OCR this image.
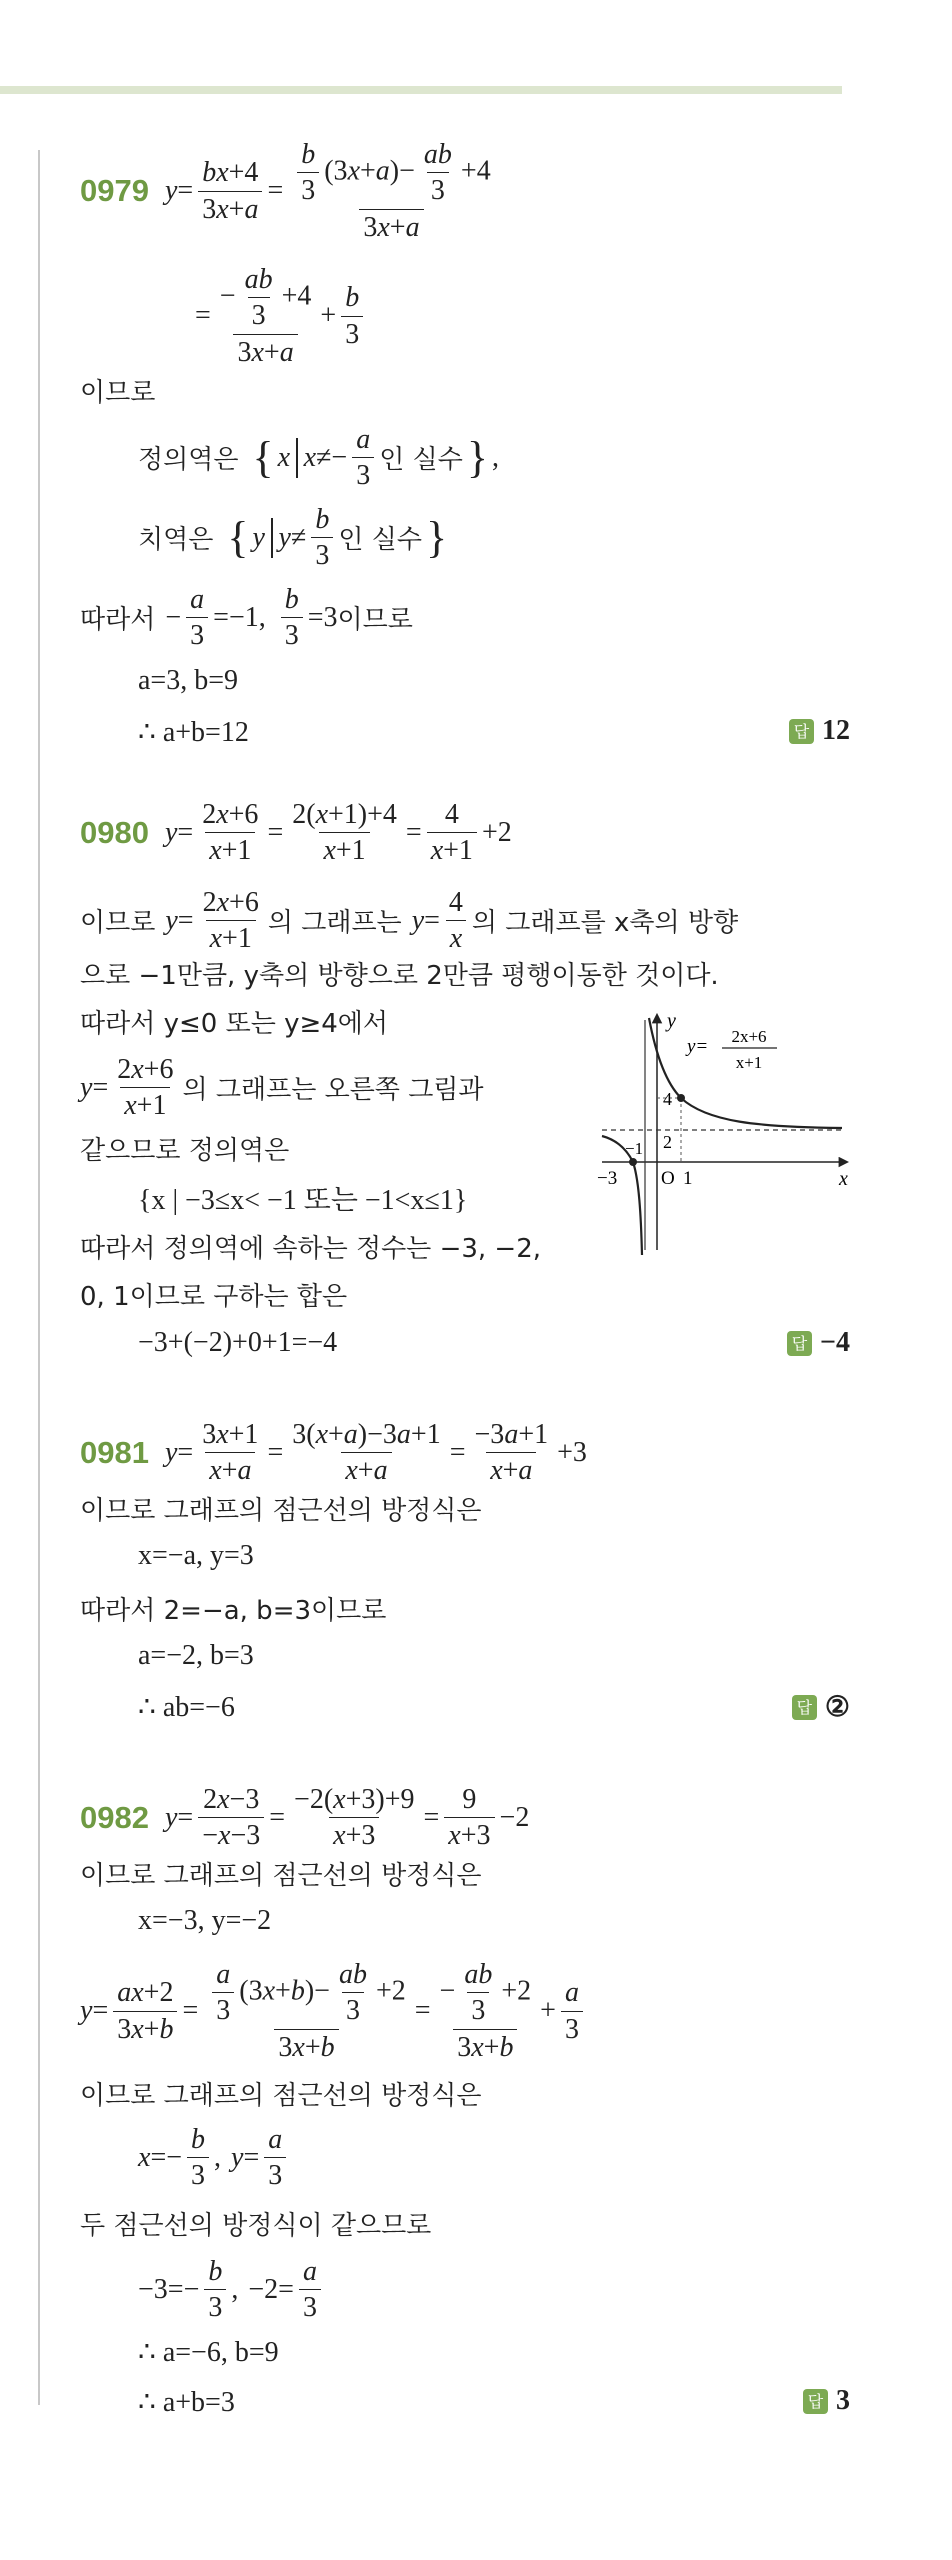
0979 y =
bx+4
3x+a
= $\frac{b}{3} (3x+a)- \frac{ab}{3} +4$
3x+a
=
− $\frac{ab}{3} +4$
3x+a
+
b
3
이므로
정의역은 { x x ≠−
a
3 인 실수 } ,
치역은 { y y ≠
b
3 인 실수 }
따라서 −
a
3
=−1,
b
3
=3 이므로
a=3, b=9
∴ a+b=12	답 12
0980 y =
2x+6
x+1
=
2(x+1)+4
x+1
=
4
x+1
+2
이므로 y =
2x+6
x+1 의 그래프는 y =
4
x 의 그래프를 x축의 방향
으로 −1만큼, y축의 방향으로 2만큼 평행이동한 것이다.
따라서 y≤0 또는 y≥4에서
y =
2x+6
x+1 의 그래프는 오른쪽 그림과
같으므로 정의역은
{x | −3≤x< −1 또는 −1<x≤1}
따라서 정의역에 속하는 정수는 −3, −2,
0, 1이므로 구하는 합은
−3+(−2)+0+1=−4	답 −4
y
x
O
4
2
−1
−3	1
y= 2x+6
x+1
0981 y =
3x+1
x+a
=
3(x+a)−3a+1
x+a
=
−3a+1
x+a
+3
이므로 그래프의 점근선의 방정식은
x=−a, y=3
따라서 2=−a, b=3이므로
a=−2, b=3
∴ ab=−6	답 ②
0982 y =
2x−3
−x−3
=
−2(x+3)+9
x+3
=
9
x+3
−2
이므로 그래프의 점근선의 방정식은
x=−3, y=−2
y =
ax+2
3x+b
= $\frac{a}{3} (3x+b)- \frac{ab}{3} +2$
3x+b
=
− $\frac{ab}{3} +2$
3x+b
+
a
3
이므로 그래프의 점근선의 방정식은
x =−
b
3
, y =
a
3
두 점근선의 방정식이 같으므로
−3=−
b
3
, −2=
a
3
∴ a=−6, b=9
∴ a+b=3	답 3
